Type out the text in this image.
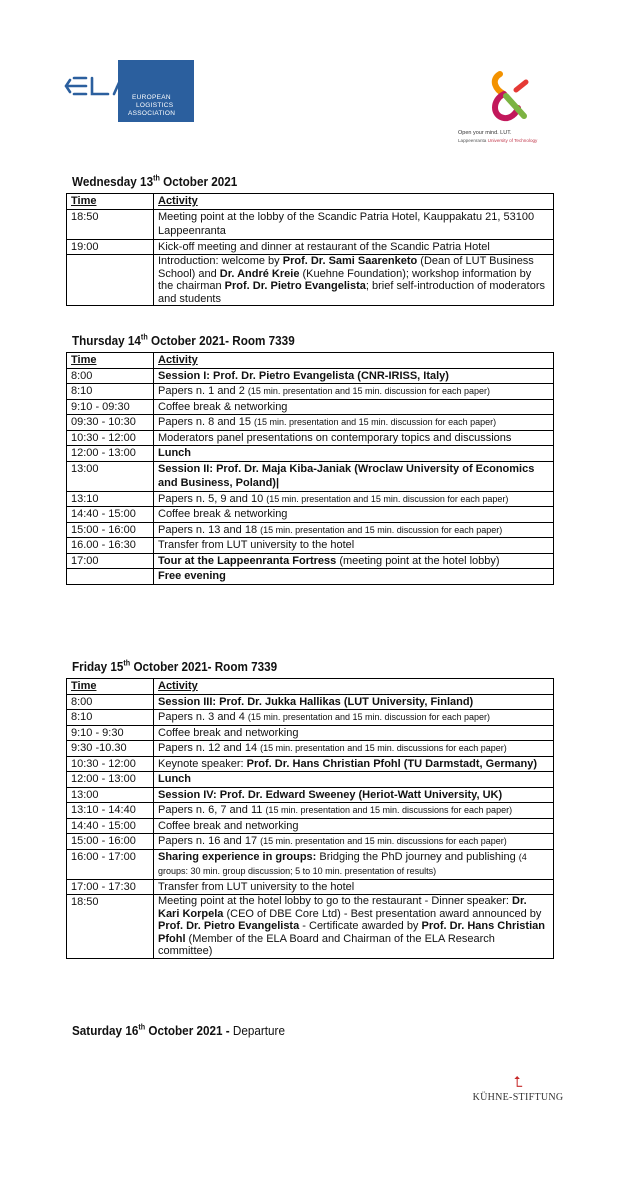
EUROPEAN
LOGISTICS
ASSOCIATION
Open your mind. LUT.
Lappeenranta University of Technology
Wednesday 13th October 2021
Time	Activity
18:50	Meeting point at the lobby of the Scandic Patria Hotel, Kauppakatu 21, 53100 Lappeenranta
19:00	Kick-off meeting and dinner at restaurant of the Scandic Patria Hotel
	Introduction: welcome by Prof. Dr. Sami Saarenketo (Dean of LUT Business School) and Dr. André Kreie (Kuehne Foundation); workshop information by the chairman Prof. Dr. Pietro Evangelista; brief self-introduction of moderators and students
Thursday 14th October 2021- Room 7339
Time	Activity
8:00	Session I: Prof. Dr. Pietro Evangelista (CNR-IRISS, Italy)
8:10	Papers n. 1 and 2 (15 min. presentation and 15 min. discussion for each paper)
9:10 - 09:30	Coffee break & networking
09:30 - 10:30	Papers n. 8 and 15 (15 min. presentation and 15 min. discussion for each paper)
10:30 - 12:00	Moderators panel presentations on contemporary topics and discussions
12:00 - 13:00	Lunch
13:00	Session II: Prof. Dr. Maja Kiba-Janiak (Wroclaw University of Economics and Business, Poland)|
13:10	Papers n. 5, 9 and 10 (15 min. presentation and 15 min. discussion for each paper)
14:40 - 15:00	Coffee break & networking
15:00 - 16:00	Papers n. 13 and 18 (15 min. presentation and 15 min. discussion for each paper)
16.00 - 16:30	Transfer from LUT university to the hotel
17:00	Tour at the Lappeenranta Fortress (meeting point at the hotel lobby)
	Free evening
Friday 15th October 2021- Room 7339
Time	Activity
8:00	Session III: Prof. Dr. Jukka Hallikas (LUT University, Finland)
8:10	Papers n. 3 and 4 (15 min. presentation and 15 min. discussion for each paper)
9:10 - 9:30	Coffee break and networking
9:30 -10.30	Papers n. 12 and 14 (15 min. presentation and 15 min. discussions for each paper)
10:30 - 12:00	Keynote speaker: Prof. Dr. Hans Christian Pfohl (TU Darmstadt, Germany)
12:00 - 13:00	Lunch
13:00	Session IV: Prof. Dr. Edward Sweeney (Heriot-Watt University, UK)
13:10 - 14:40	Papers n. 6, 7 and 11 (15 min. presentation and 15 min. discussions for each paper)
14:40 - 15:00	Coffee break and networking
15:00 - 16:00	Papers n. 16 and 17 (15 min. presentation and 15 min. discussions for each paper)
16:00 - 17:00	Sharing experience in groups: Bridging the PhD journey and publishing (4 groups: 30 min. group discussion; 5 to 10 min. presentation of results)
17:00 - 17:30	Transfer from LUT university to the hotel
18:50	Meeting point at the hotel lobby to go to the restaurant - Dinner speaker: Dr. Kari Korpela (CEO of DBE Core Ltd) - Best presentation award announced by Prof. Dr. Pietro Evangelista - Certificate awarded by Prof. Dr. Hans Christian Pfohl (Member of the ELA Board and Chairman of the ELA Research committee)
Saturday 16th October 2021 - Departure
⮤
KÜHNE-STIFTUNG
